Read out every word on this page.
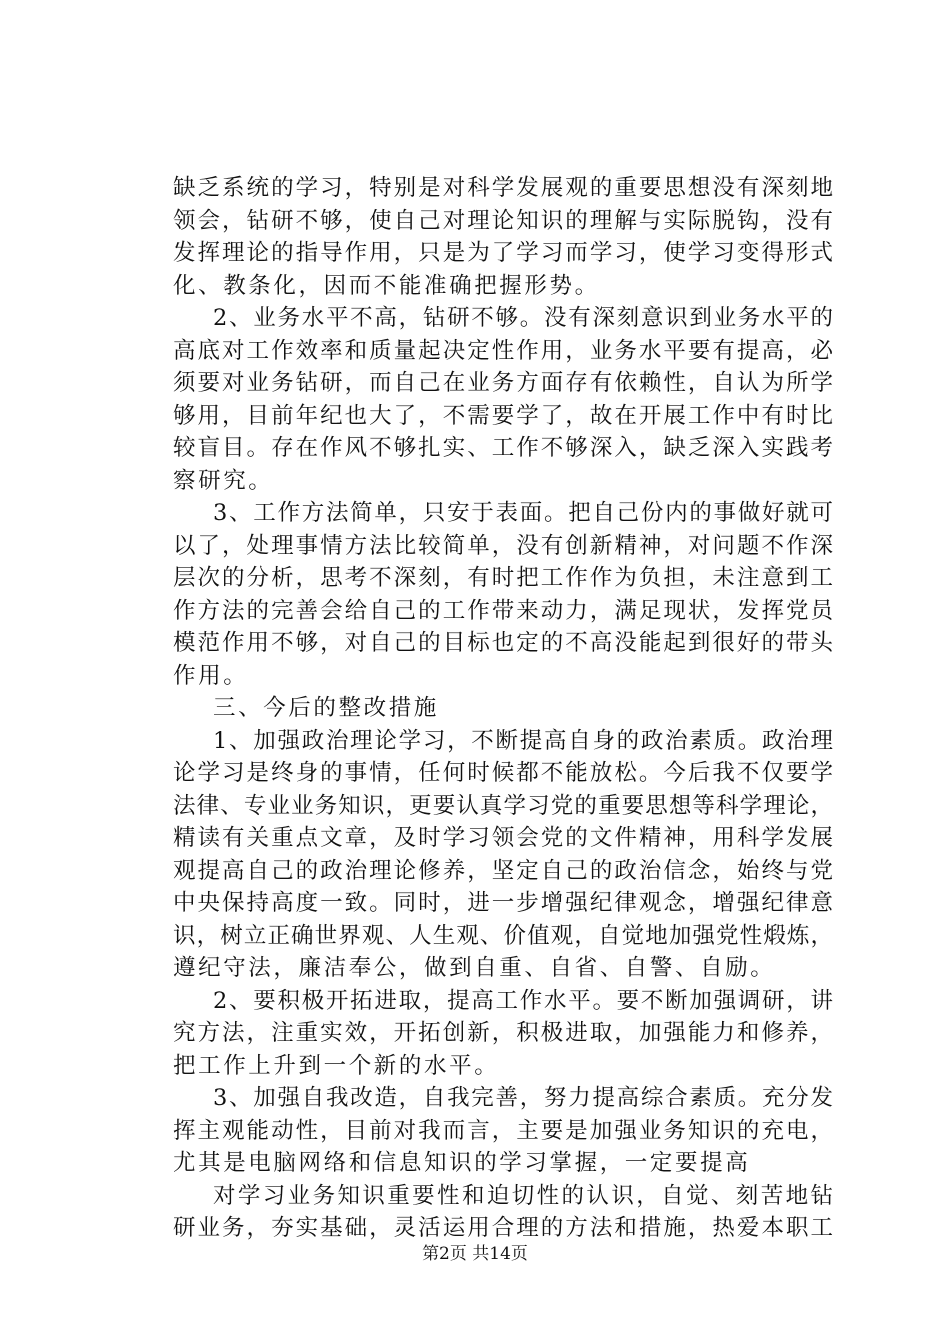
缺乏系统的学习，特别是对科学发展观的重要思想没有深刻地
领会，钻研不够，使自己对理论知识的理解与实际脱钩，没有
发挥理论的指导作用，只是为了学习而学习，使学习变得形式
化、教条化，因而不能准确把握形势。
2、业务水平不高，钻研不够。没有深刻意识到业务水平的
高底对工作效率和质量起决定性作用，业务水平要有提高，必
须要对业务钻研，而自己在业务方面存有依赖性，自认为所学
够用，目前年纪也大了，不需要学了，故在开展工作中有时比
较盲目。存在作风不够扎实、工作不够深入，缺乏深入实践考
察研究。
3、工作方法简单，只安于表面。把自己份内的事做好就可
以了，处理事情方法比较简单，没有创新精神，对问题不作深
层次的分析，思考不深刻，有时把工作作为负担，未注意到工
作方法的完善会给自己的工作带来动力，满足现状，发挥党员
模范作用不够，对自己的目标也定的不高没能起到很好的带头
作用。
三、今后的整改措施
1、加强政治理论学习，不断提高自身的政治素质。政治理
论学习是终身的事情，任何时候都不能放松。今后我不仅要学
法律、专业业务知识，更要认真学习党的重要思想等科学理论，
精读有关重点文章，及时学习领会党的文件精神，用科学发展
观提高自己的政治理论修养，坚定自己的政治信念，始终与党
中央保持高度一致。同时，进一步增强纪律观念，增强纪律意
识，树立正确世界观、人生观、价值观，自觉地加强党性煅炼，
遵纪守法，廉洁奉公，做到自重、自省、自警、自励。
2、要积极开拓进取，提高工作水平。要不断加强调研，讲
究方法，注重实效，开拓创新，积极进取，加强能力和修养，
把工作上升到一个新的水平。
3、加强自我改造，自我完善，努力提高综合素质。充分发
挥主观能动性，目前对我而言，主要是加强业务知识的充电，
尤其是电脑网络和信息知识的学习掌握，一定要提高
对学习业务知识重要性和迫切性的认识，自觉、刻苦地钻
研业务，夯实基础，灵活运用合理的方法和措施，热爱本职工
第2页 共14页
